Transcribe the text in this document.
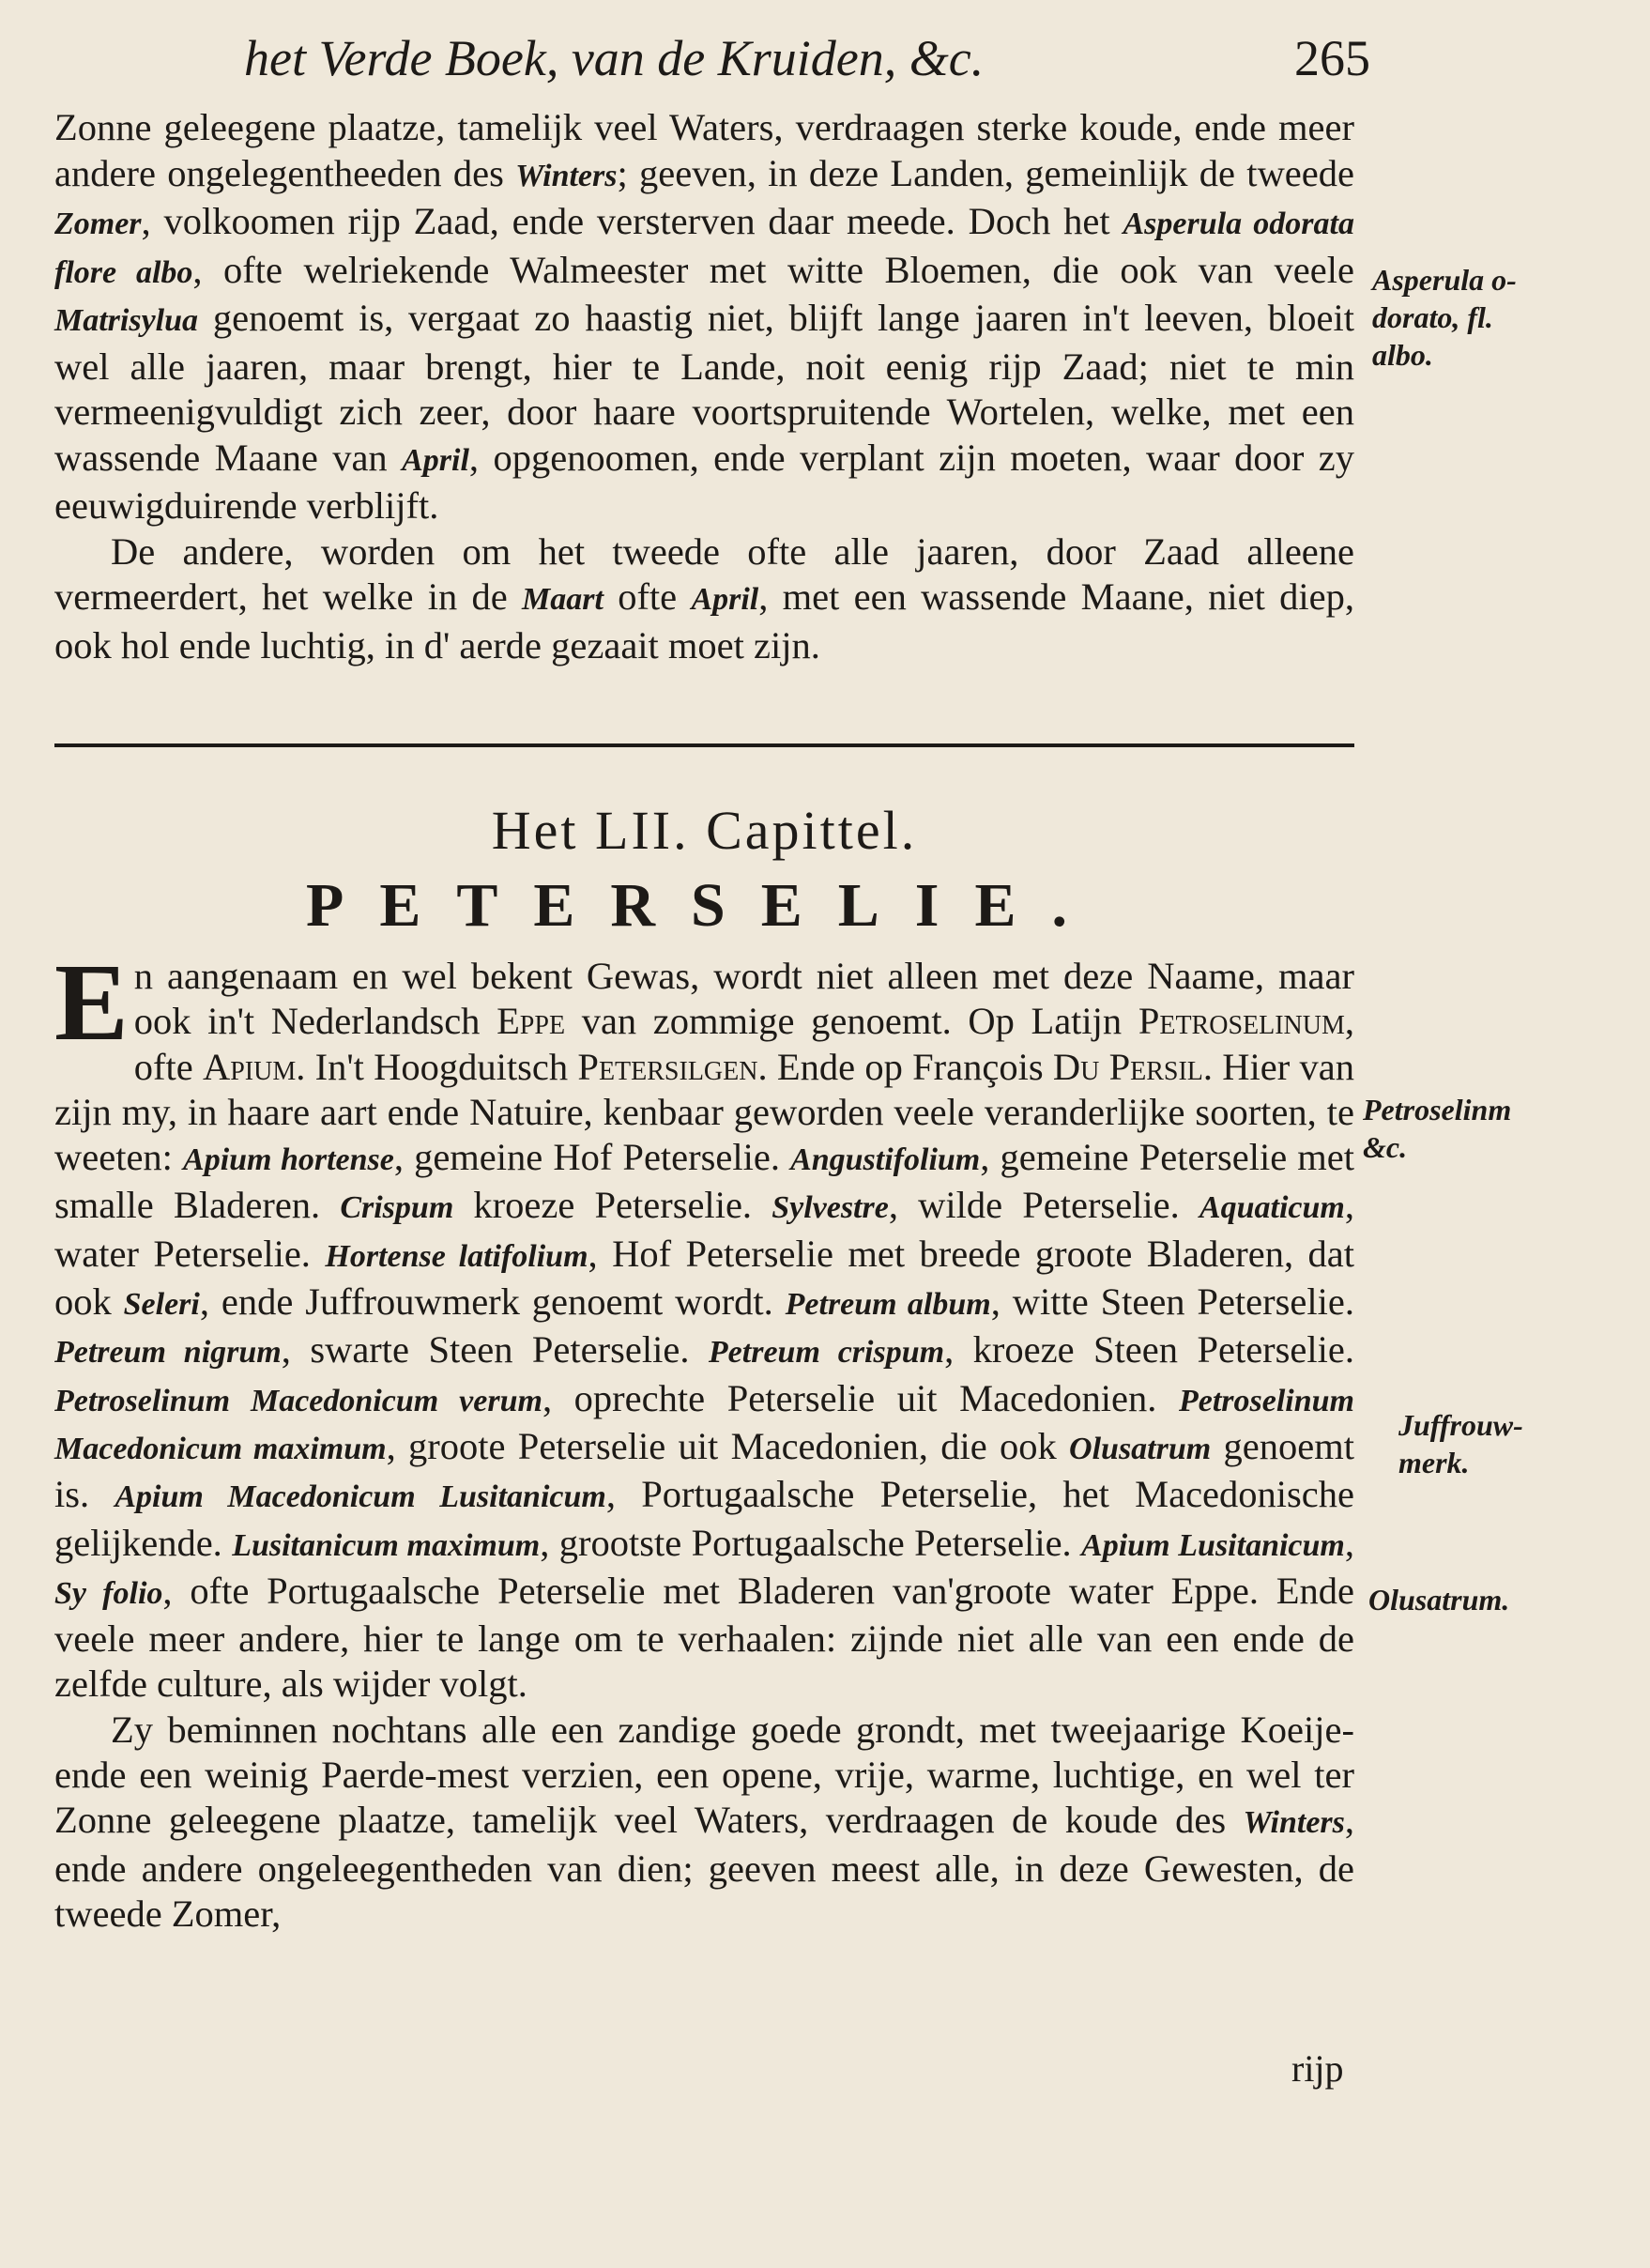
het Verde Boek, van de Kruiden, &c.	265

Zonne geleegene plaatze, tamelijk veel Waters, verdraagen sterke koude, ende meer andere ongelegentheeden des Winters; geeven, in deze Landen, gemeinlijk de tweede Zomer, volkoomen rijp Zaad, ende versterven daar meede. Doch het Asperula odorata flore albo, ofte welriekende Walmeester met witte Bloemen, die ook van veele Matrisylua genoemt is, vergaat zo haastig niet, blijft lange jaaren in't leeven, bloeit wel alle jaaren, maar brengt, hier te Lande, noit eenig rijp Zaad; niet te min vermeenigvuldigt zich zeer, door haare voortspruitende Wortelen, welke, met een wassende Maane van April, opgenoomen, ende verplant zijn moeten, waar door zy eeuwigduirende verblijft.

De andere, worden om het tweede ofte alle jaaren, door Zaad alleene vermeerdert, het welke in de Maart ofte April, met een wassende Maane, niet diep, ook hol ende luchtig, in d' aerde gezaait moet zijn.

Het LII. Capittel.
PETERSELIE.

En aangenaam en wel bekent Gewas, wordt niet alleen met deze Naame, maar ook in't Nederlandsch Eppe van zommige genoemt. Op Latijn Petroselinum, ofte Apium. In't Hoogduitsch Petersilgen. Ende op François Du Persil. Hier van zijn my, in haare aart ende Natuire, kenbaar geworden veele veranderlijke soorten, te weeten: Apium hortense, gemeine Hof Peterselie. Angustifolium, gemeine Peterselie met smalle Bladeren. Crispum kroeze Peterselie. Sylvestre, wilde Peterselie. Aquaticum, water Peterselie. Hortense latifolium, Hof Peterselie met breede groote Bladeren, dat ook Seleri, ende Juffrouwmerk genoemt wordt. Petreum album, witte Steen Peterselie. Petreum nigrum, swarte Steen Peterselie. Petreum crispum, kroeze Steen Peterselie. Petroselinum Macedonicum verum, oprechte Peterselie uit Macedonien. Petroselinum Macedonicum maximum, groote Peterselie uit Macedonien, die ook Olusatrum genoemt is. Apium Macedonicum Lusitanicum, Portugaalsche Peterselie, het Macedonische gelijkende. Lusitanicum maximum, grootste Portugaalsche Peterselie. Apium Lusitanicum, Sy folio, ofte Portugaalsche Peterselie met Bladeren van'groote water Eppe. Ende veele meer andere, hier te lange om te verhaalen: zijnde niet alle van een ende de zelfde culture, als wijder volgt.

Zy beminnen nochtans alle een zandige goede grondt, met tweejaarige Koeije- ende een weinig Paerde-mest verzien, een opene, vrije, warme, luchtige, en wel ter Zonne geleegene plaatze, tamelijk veel Waters, verdraagen de koude des Winters, ende andere ongeleegentheden van dien; geeven meest alle, in deze Gewesten, de tweede Zomer,

rijp
Asperula o-
dorato, fl.
albo.
Petroselinm
&c.
Juffrouw-
merk.
Olusatrum.
